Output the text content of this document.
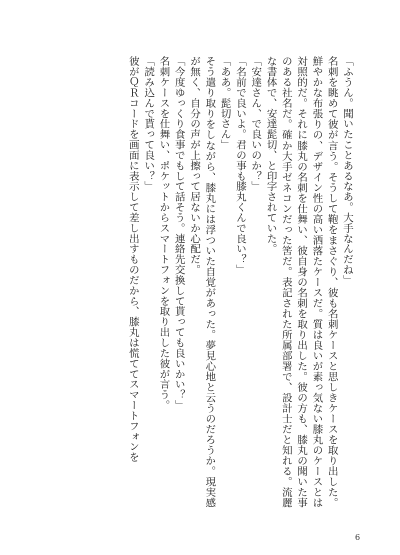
「ふうん。聞いたことあるなあ。大手なんだね」

名刺を眺めて彼が言う。そうして鞄をまさぐり、彼も名刺ケースと思しきケースを取り出した。鮮やかな布張りの、デザイン性の高い洒落たケースだ。質は良いが素っ気ない膝丸のケースとは対照的だ。それに膝丸の名刺を仕舞い、彼自身の名刺を取り出した。彼の方も、膝丸の聞いた事のある社名だ。確か大手ゼネコンだった筈だ。表記された所属部署で、設計士だと知れる。流麗な書体で、安達髭切、と印字されていた。

「安達さん、で良いのか？」

「名前で良いよ。君の事も膝丸くんで良い？」

「ああ。髭切さん」

そう遣り取りをしながら、膝丸には浮ついた自覚があった。夢見心地と云うのだろうか。現実感が無く、自分の声が上擦って居ないか心配だ。

「今度ゆっくり食事でもして話そう。連絡先交換して貰っても良いかい？」

名刺ケースを仕舞い、ポケットからスマートフォンを取り出した彼が言う。

「読み込んで貰って良い？」

彼がＱＲコードを画面に表示して差し出すものだから、膝丸は慌ててスマートフォンを

6
